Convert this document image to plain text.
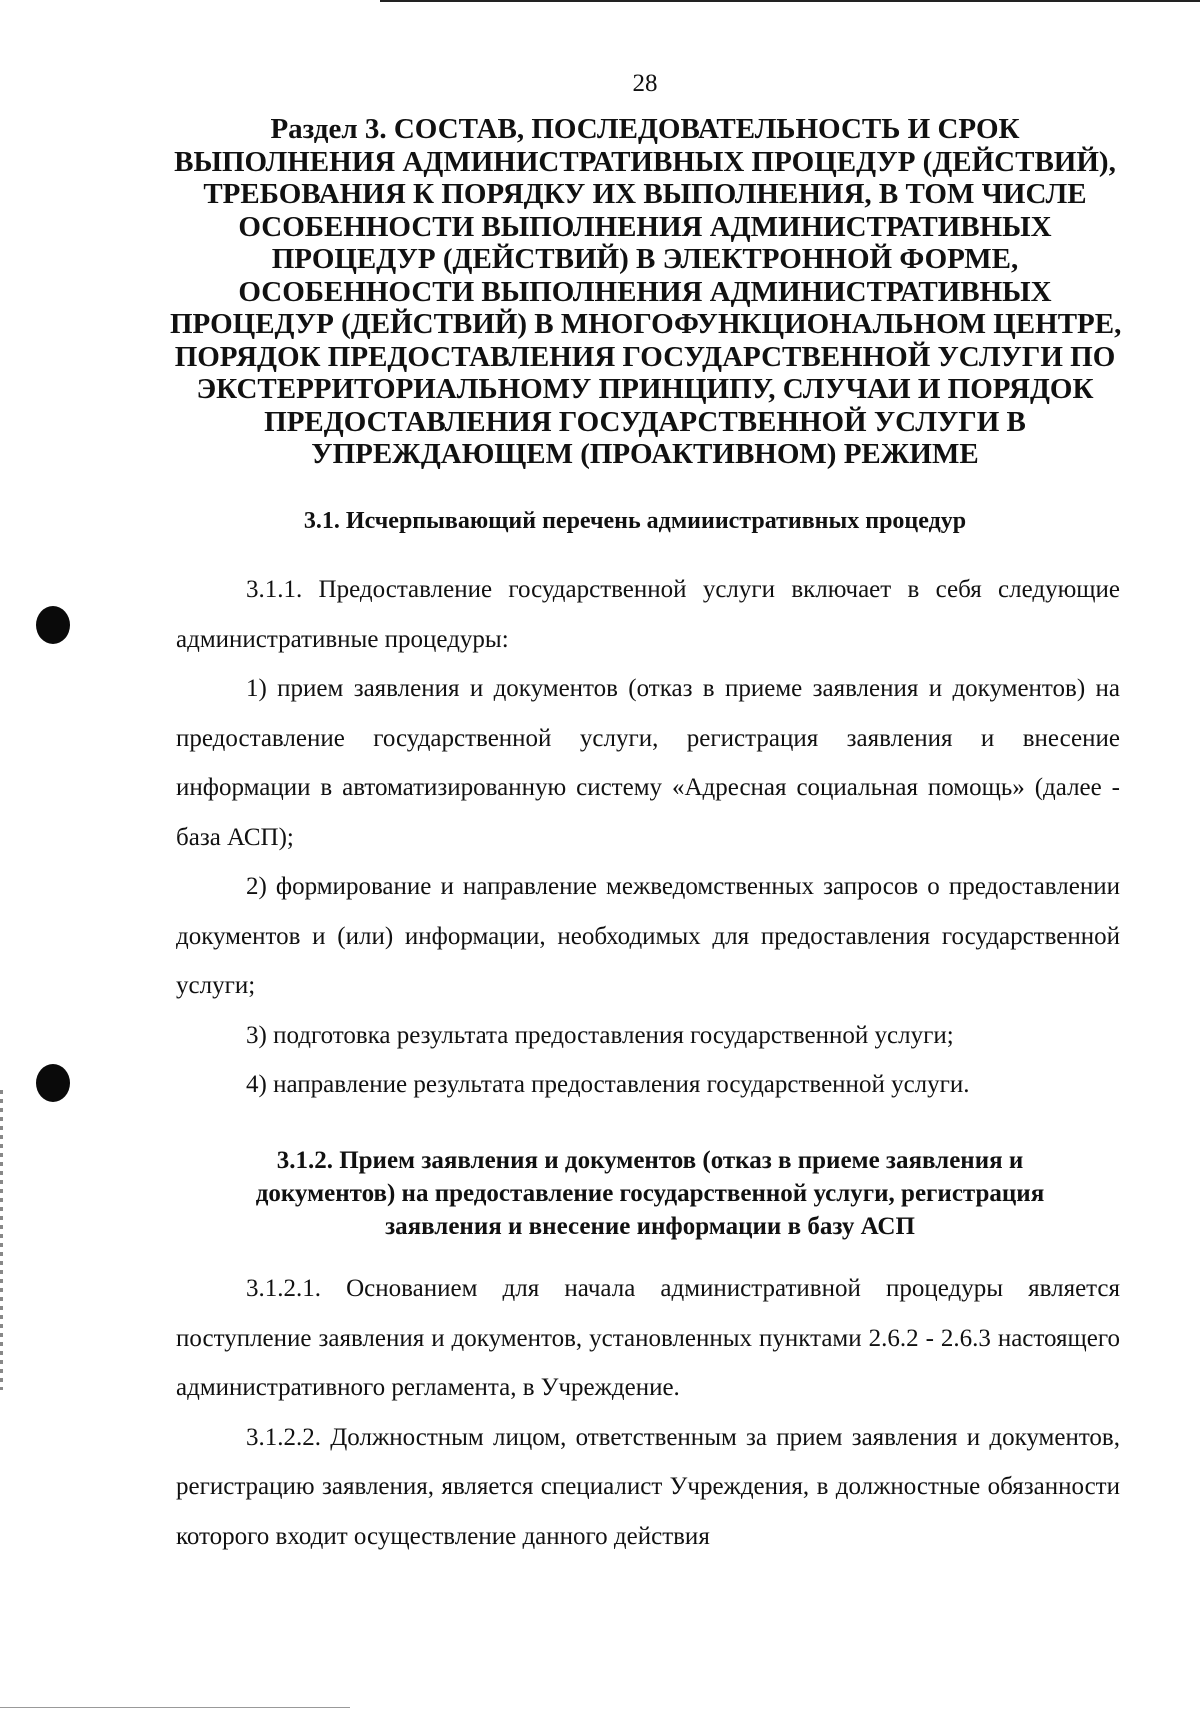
28
Раздел 3. СОСТАВ, ПОСЛЕДОВАТЕЛЬНОСТЬ И СРОК
ВЫПОЛНЕНИЯ АДМИНИСТРАТИВНЫХ ПРОЦЕДУР (ДЕЙСТВИЙ),
ТРЕБОВАНИЯ К ПОРЯДКУ ИХ ВЫПОЛНЕНИЯ, В ТОМ ЧИСЛЕ
ОСОБЕННОСТИ ВЫПОЛНЕНИЯ АДМИНИСТРАТИВНЫХ
ПРОЦЕДУР (ДЕЙСТВИЙ) В ЭЛЕКТРОННОЙ ФОРМЕ,
ОСОБЕННОСТИ ВЫПОЛНЕНИЯ АДМИНИСТРАТИВНЫХ
ПРОЦЕДУР (ДЕЙСТВИЙ) В МНОГОФУНКЦИОНАЛЬНОМ ЦЕНТРЕ,
ПОРЯДОК ПРЕДОСТАВЛЕНИЯ ГОСУДАРСТВЕННОЙ УСЛУГИ ПО
ЭКСТЕРРИТОРИАЛЬНОМУ ПРИНЦИПУ, СЛУЧАИ И ПОРЯДОК
ПРЕДОСТАВЛЕНИЯ ГОСУДАРСТВЕННОЙ УСЛУГИ В
УПРЕЖДАЮЩЕМ (ПРОАКТИВНОМ) РЕЖИМЕ
3.1. Исчерпывающий перечень адмииистративных процедур

3.1.1. Предоставление государственной услуги включает в себя следующие административные процедуры:

1) прием заявления и документов (отказ в приеме заявления и документов) на предоставление государственной услуги, регистрация заявления и внесение информации в автоматизированную систему «Адресная социальная помощь» (далее - база АСП);

2) формирование и направление межведомственных запросов о предоставлении документов и (или) информации, необходимых для предоставления государственной услуги;

3) подготовка результата предоставления государственной услуги;

4) направление результата предоставления государственной услуги.

3.1.2. Прием заявления и документов (отказ в приеме заявления и
документов) на предоставление государственной услуги, регистрация
заявления и внесение информации в базу АСП

3.1.2.1. Основанием для начала административной процедуры является поступление заявления и документов, установленных пунктами 2.6.2 - 2.6.3 настоящего административного регламента, в Учреждение.

3.1.2.2. Должностным лицом, ответственным за прием заявления и документов, регистрацию заявления, является специалист Учреждения, в должностные обязанности которого входит осуществление данного действия
